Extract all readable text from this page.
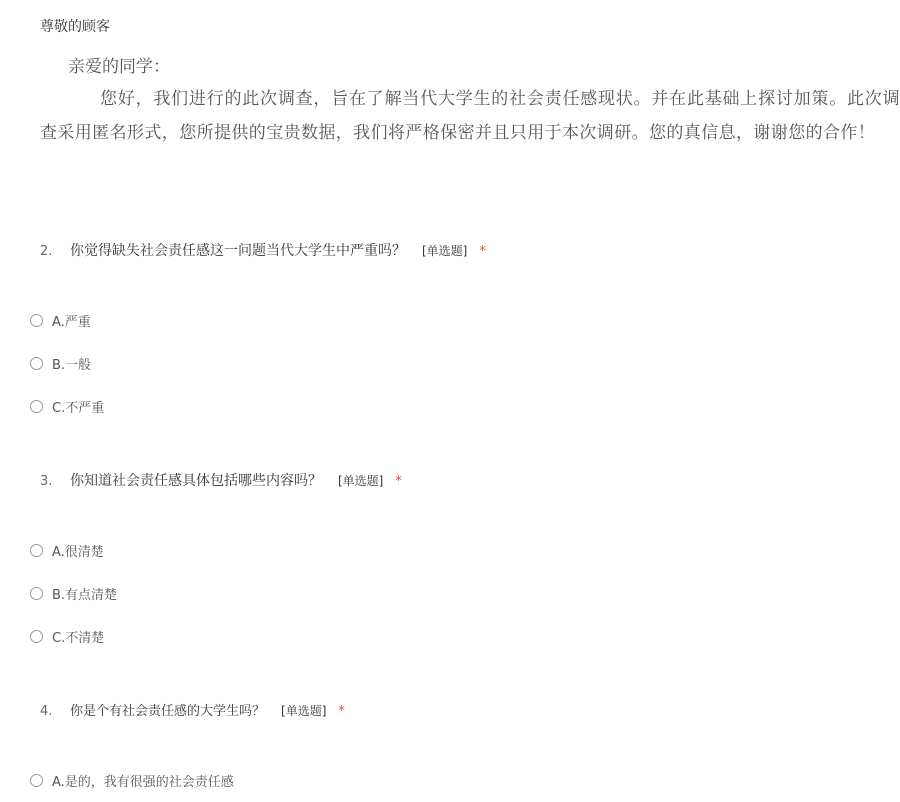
尊敬的顾客
亲爱的同学：
您好，我们进行的此次调查，旨在了解当代大学生的社会责任感现状。并在此基础上探讨加策。此次调查采用匿名形式，您所提供的宝贵数据，我们将严格保密并且只用于本次调研。您的真信息，谢谢您的合作！
2.	你觉得缺失社会责任感这一问题当代大学生中严重吗？ [单选题] *
A.严重
B.一般
C.不严重
3.	你知道社会责任感具体包括哪些内容吗？ [单选题] *
A.很清楚
B.有点清楚
C.不清楚
4.	你是个有社会责任感的大学生吗？ [单选题] *
A.是的，我有很强的社会责任感
